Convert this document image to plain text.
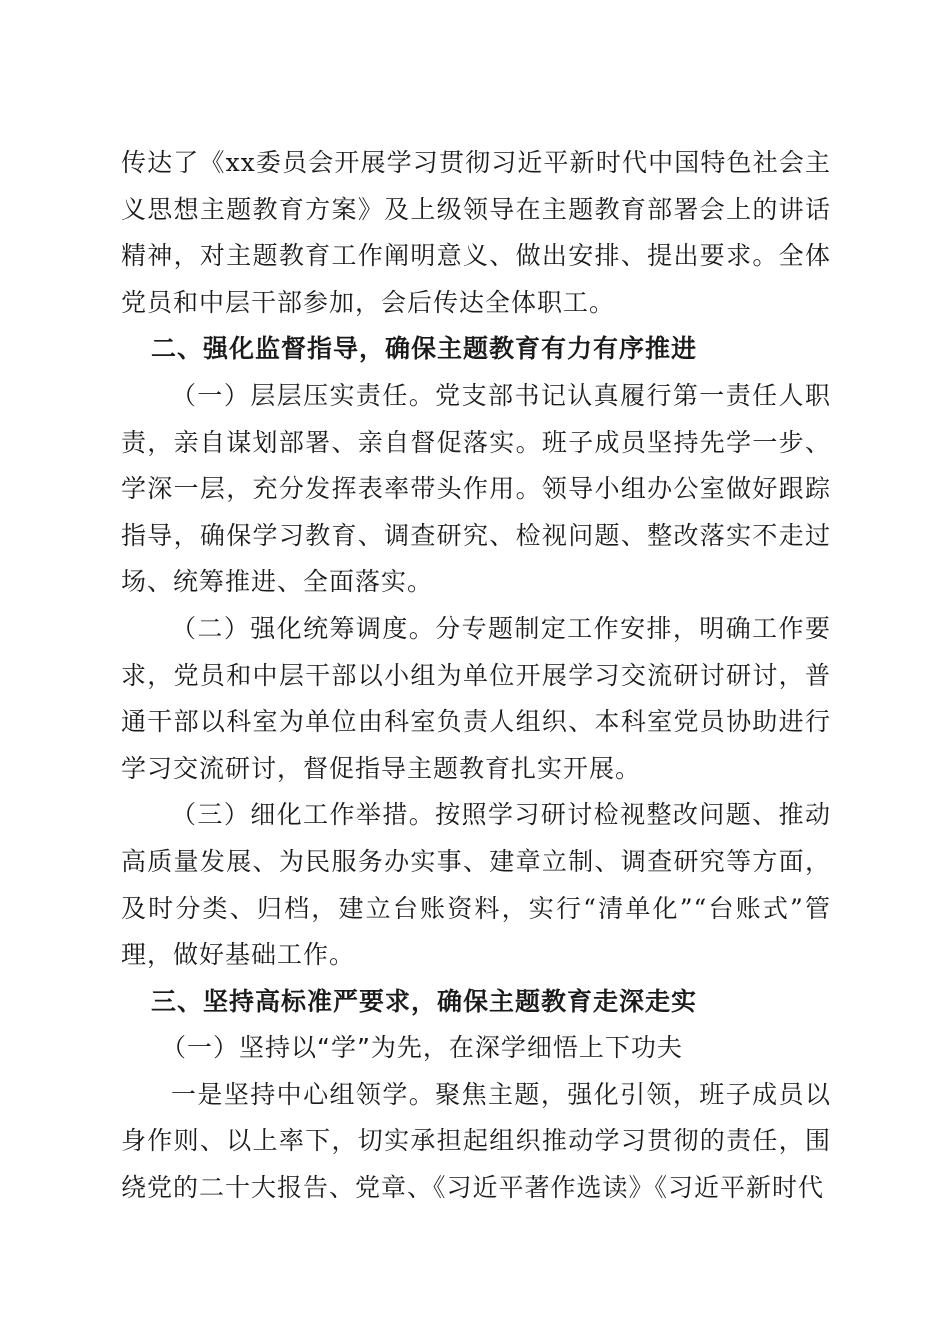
传达了《xx委员会开展学习贯彻习近平新时代中国特色社会主义思想主题教育方案》及上级领导在主题教育部署会上的讲话精神，对主题教育工作阐明意义、做出安排、提出要求。全体党员和中层干部参加，会后传达全体职工。

二、强化监督指导，确保主题教育有力有序推进

（一）层层压实责任。党支部书记认真履行第一责任人职责，亲自谋划部署、亲自督促落实。班子成员坚持先学一步、学深一层，充分发挥表率带头作用。领导小组办公室做好跟踪指导，确保学习教育、调查研究、检视问题、整改落实不走过场、统筹推进、全面落实。

（二）强化统筹调度。分专题制定工作安排，明确工作要求，党员和中层干部以小组为单位开展学习交流研讨研讨，普通干部以科室为单位由科室负责人组织、本科室党员协助进行学习交流研讨，督促指导主题教育扎实开展。

（三）细化工作举措。按照学习研讨检视整改问题、推动高质量发展、为民服务办实事、建章立制、调查研究等方面，及时分类、归档，建立台账资料，实行“清单化”“台账式”管理，做好基础工作。

三、坚持高标准严要求，确保主题教育走深走实

（一）坚持以“学”为先，在深学细悟上下功夫

一是坚持中心组领学。聚焦主题，强化引领，班子成员以身作则、以上率下，切实承担起组织推动学习贯彻的责任，围绕党的二十大报告、党章、《习近平著作选读》《习近平新时代
